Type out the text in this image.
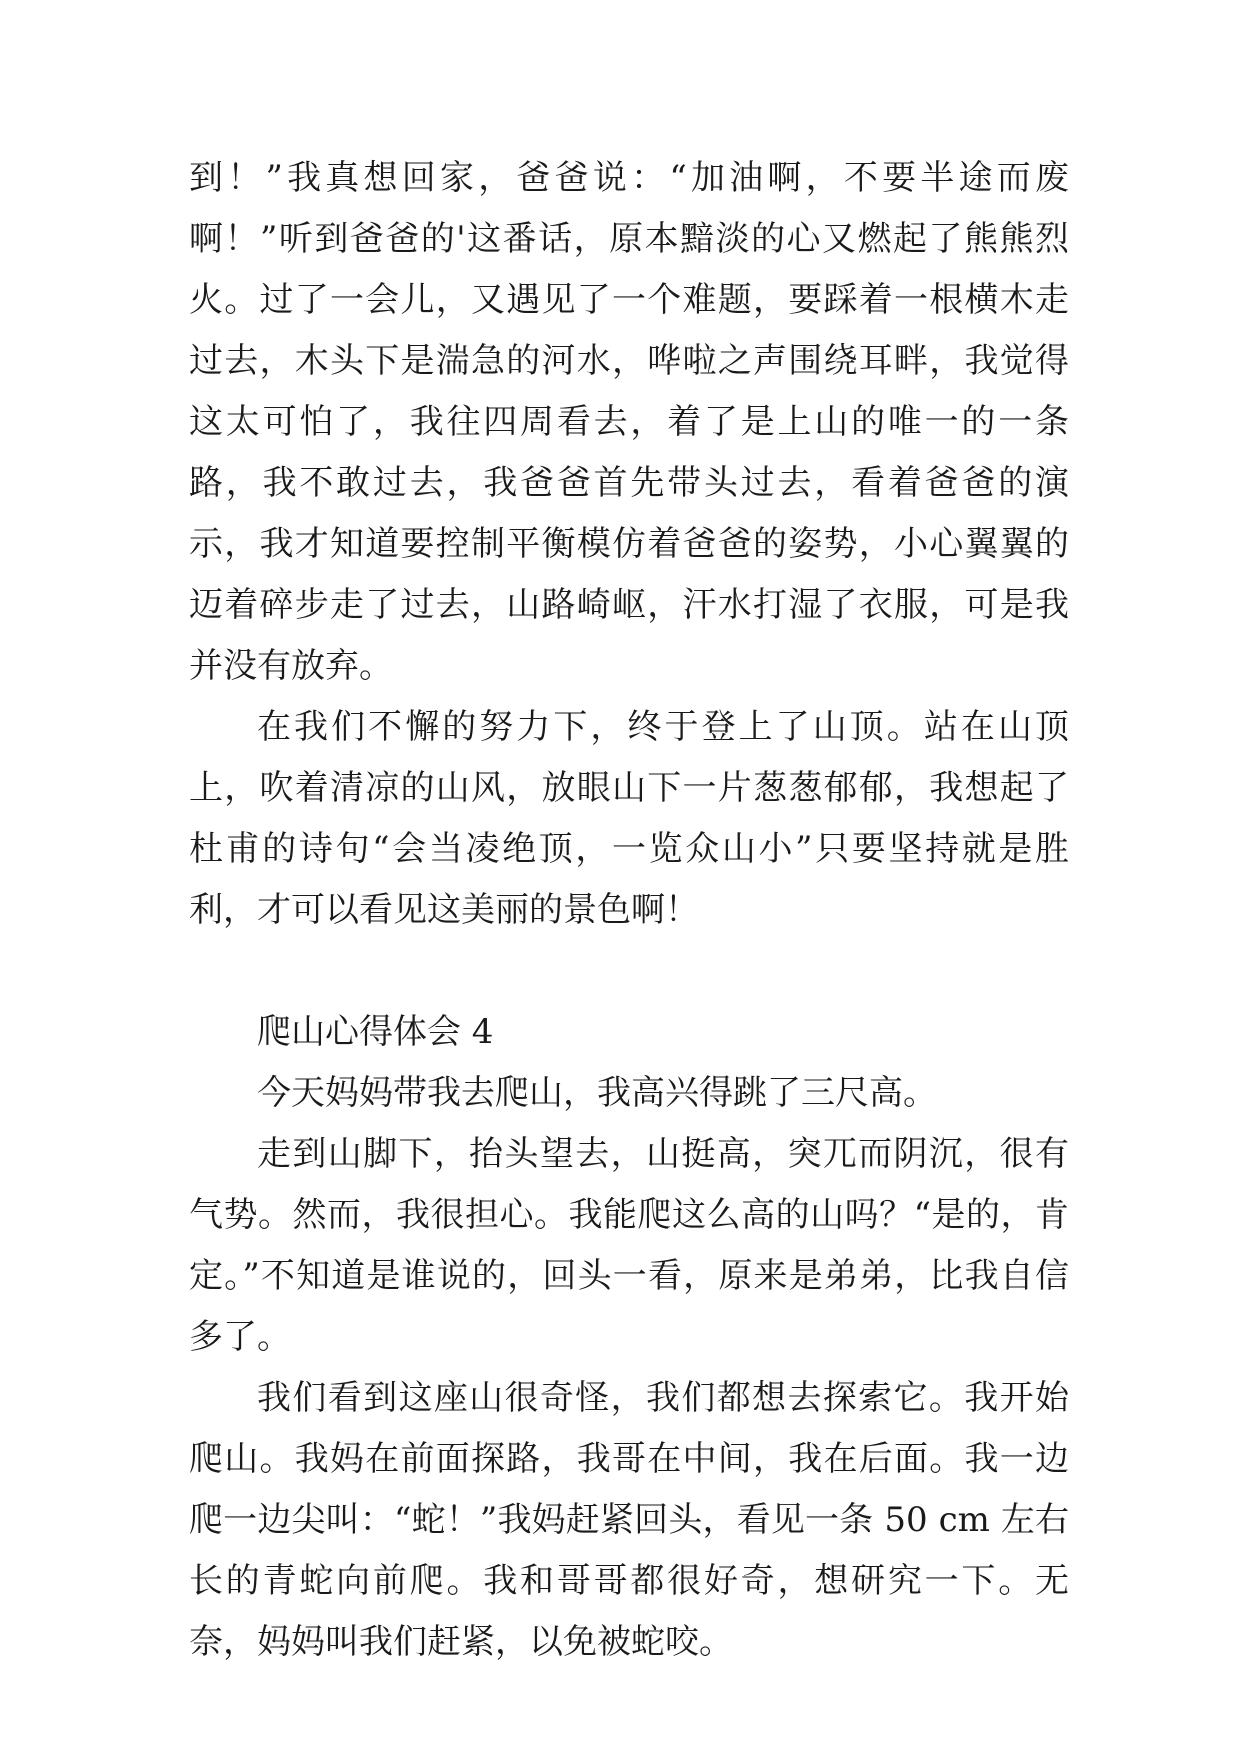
到！”我真想回家，爸爸说：“加油啊，不要半途而废啊！”听到爸爸的'这番话，原本黯淡的心又燃起了熊熊烈火。过了一会儿，又遇见了一个难题，要踩着一根横木走过去，木头下是湍急的河水，哗啦之声围绕耳畔，我觉得这太可怕了，我往四周看去，着了是上山的唯一的一条路，我不敢过去，我爸爸首先带头过去，看着爸爸的演示，我才知道要控制平衡模仿着爸爸的姿势，小心翼翼的迈着碎步走了过去，山路崎岖，汗水打湿了衣服，可是我并没有放弃。

在我们不懈的努力下，终于登上了山顶。站在山顶上，吹着清凉的山风，放眼山下一片葱葱郁郁，我想起了杜甫的诗句“会当凌绝顶，一览众山小”只要坚持就是胜利，才可以看见这美丽的景色啊！

爬山心得体会 4

今天妈妈带我去爬山，我高兴得跳了三尺高。

走到山脚下，抬头望去，山挺高，突兀而阴沉，很有气势。然而，我很担心。我能爬这么高的山吗？“是的，肯定。”不知道是谁说的，回头一看，原来是弟弟，比我自信多了。

我们看到这座山很奇怪，我们都想去探索它。我开始爬山。我妈在前面探路，我哥在中间，我在后面。我一边爬一边尖叫：“蛇！”我妈赶紧回头，看见一条 50 cm 左右长的青蛇向前爬。我和哥哥都很好奇，想研究一下。无奈，妈妈叫我们赶紧，以免被蛇咬。
